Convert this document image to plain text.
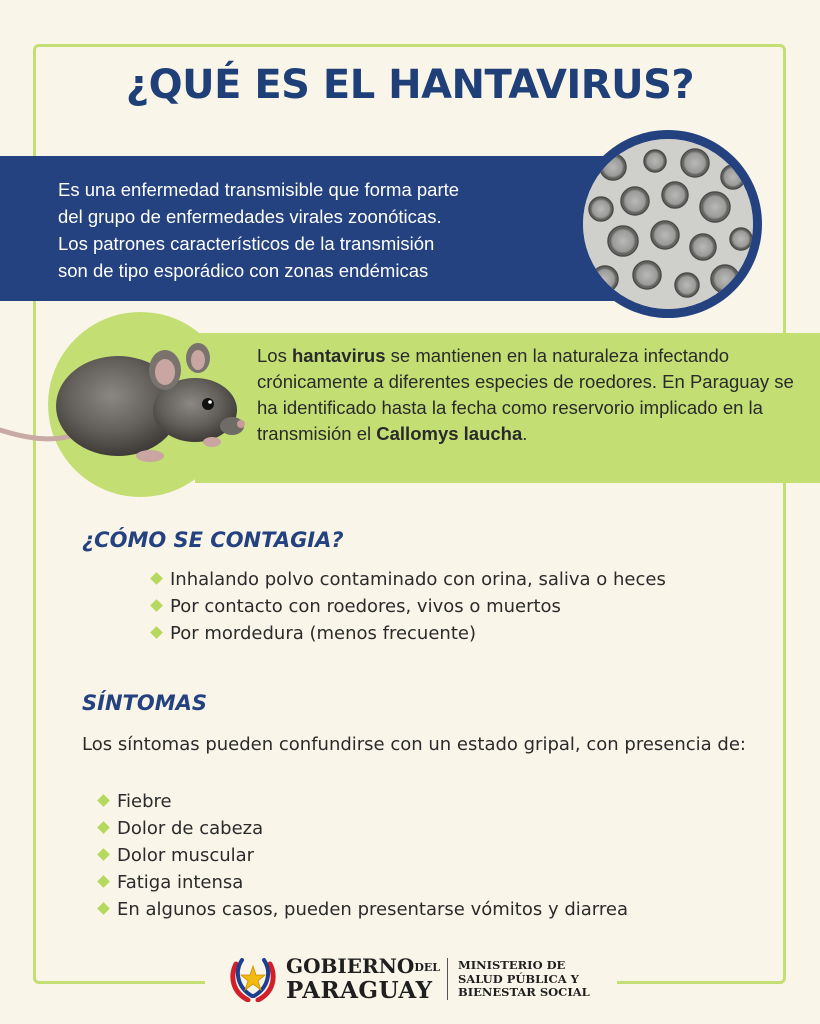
¿QUÉ ES EL HANTAVIRUS?
Es una enfermedad transmisible que forma parte
del grupo de enfermedades virales zoonóticas.
Los patrones característicos de la transmisión
son de tipo esporádico con zonas endémicas
Los hantavirus se mantienen en la naturaleza infectando crónicamente a diferentes especies de roedores. En Paraguay se ha identificado hasta la fecha como reservorio implicado en la transmisión el Callomys laucha.
¿CÓMO SE CONTAGIA?
Inhalando polvo contaminado con orina, saliva o heces
Por contacto con roedores, vivos o muertos
Por mordedura (menos frecuente)
SÍNTOMAS

Los síntomas pueden confundirse con un estado gripal, con presencia de:

Fiebre
Dolor de cabeza
Dolor muscular
Fatiga intensa
En algunos casos, pueden presentarse vómitos y diarrea
GOBIERNODEL
PARAGUAY
MINISTERIO DE
SALUD PÚBLICA Y
BIENESTAR SOCIAL
